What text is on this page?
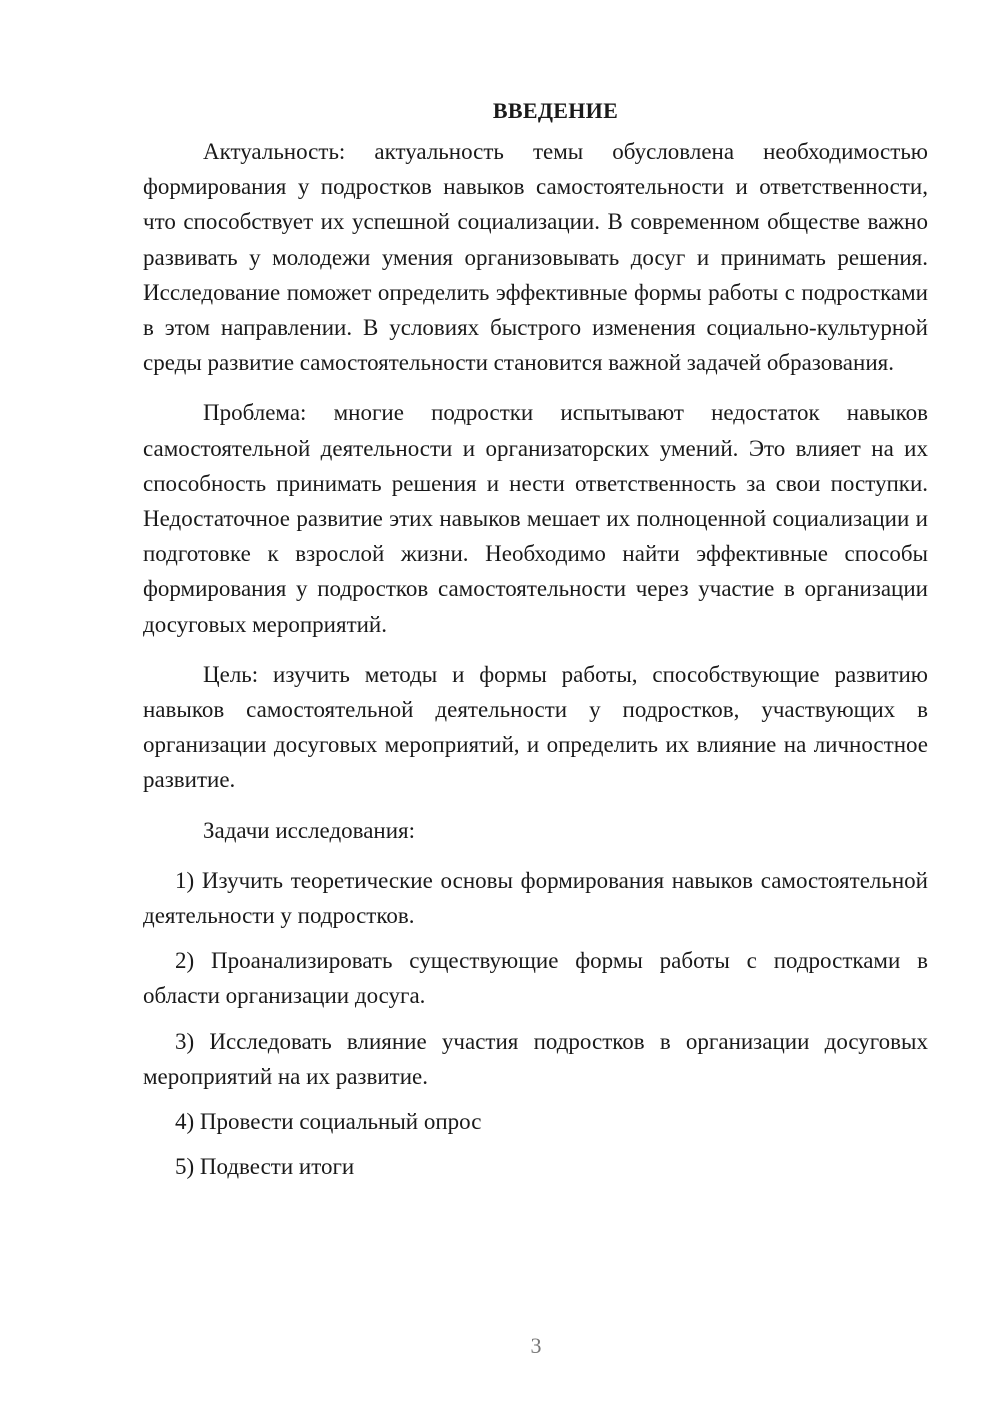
ВВЕДЕНИЕ

Актуальность: актуальность темы обусловлена необходимостью формирования у подростков навыков самостоятельности и ответственности, что способствует их успешной социализации. В современном обществе важно развивать у молодежи умения организовывать досуг и принимать решения. Исследование поможет определить эффективные формы работы с подростками в этом направлении. В условиях быстрого изменения социально-культурной среды развитие самостоятельности становится важной задачей образования.

Проблема: многие подростки испытывают недостаток навыков самостоятельной деятельности и организаторских умений. Это влияет на их способность принимать решения и нести ответственность за свои поступки. Недостаточное развитие этих навыков мешает их полноценной социализации и подготовке к взрослой жизни. Необходимо найти эффективные способы формирования у подростков самостоятельности через участие в организации досуговых мероприятий.

Цель: изучить методы и формы работы, способствующие развитию навыков самостоятельной деятельности у подростков, участвующих в организации досуговых мероприятий, и определить их влияние на личностное развитие.

Задачи исследования:

1) Изучить теоретические основы формирования навыков самостоятельной деятельности у подростков.

2) Проанализировать существующие формы работы с подростками в области организации досуга.

3) Исследовать влияние участия подростков в организации досуговых мероприятий на их развитие.

4) Провести социальный опрос

5) Подвести итоги

3
